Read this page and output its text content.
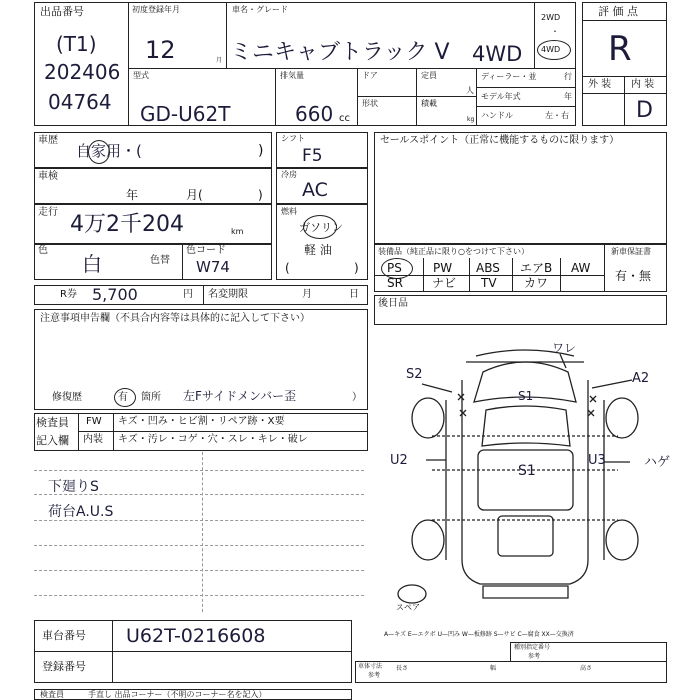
出品番号
(T1)
202406
04764
初度登録年月
12	月
車名・グレード
ミニキャブトラック V 4WD
2WD
・
4WD
評 価 点
R
外 装 内 装
D
型式
GD-U62T
排気量
660 cc
ドア	定員
人
形状	積載
kg
ディーラー・並	行
モデル年式	年
ハンドル	左・右
車歴
自家用・(	)
シフト
F5
車検
年	月(	)
冷房
AC
走行 4万2千204	km
燃料
ガソリン
軽 油
(	)
色
白	色替
色コード
W74
セールスポイント（正常に機能するものに限ります）
装備品（純正品に限り○をつけて下さい）
PS	PW ABS エアB AW
SR ナビ TV カワ
新車保証書
有・無
R券 5,700	円 名変期限	月	日
後日品
注意事項申告欄（不具合内容等は具体的に記入して下さい）
修復歴	有 箇所 左Fサイドメンバー歪	）
検査員
記入欄
FW キズ・凹み・ヒビ割・リペア跡・X要
内装 キズ・汚レ・コゲ・穴・スレ・キレ・破レ
下廻りS
荷台A.U.S
ワレ
S2	A2
U2	U3	ハゲ
S1
S1
スペア
車台番号 U62T-0216608
登録番号
A—キズ E—エクボ U—凹み W—板修跡 S—サビ C—腐食 XX—交換済
種別指定番号
参考
車体寸法
参考
長さ	幅	高さ
検査員	手直し 出品コーナー（不明のコーナー名を記入）
